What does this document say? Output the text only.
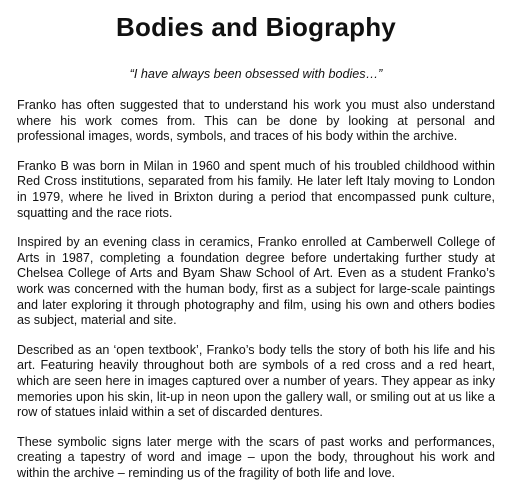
Bodies and Biography

“I have always been obsessed with bodies…”

Franko has often suggested that to understand his work you must also understand where his work comes from. This can be done by looking at personal and professional images, words, symbols, and traces of his body within the archive.

Franko B was born in Milan in 1960 and spent much of his troubled childhood within Red Cross institutions, separated from his family. He later left Italy moving to London in 1979, where he lived in Brixton during a period that encompassed punk culture, squatting and the race riots.

Inspired by an evening class in ceramics, Franko enrolled at Camberwell College of Arts in 1987, completing a foundation degree before undertaking further study at Chelsea College of Arts and Byam Shaw School of Art. Even as a student Franko’s work was concerned with the human body, first as a subject for large-scale paintings and later exploring it through photography and film, using his own and others bodies as subject, material and site.

Described as an ‘open textbook’, Franko’s body tells the story of both his life and his art. Featuring heavily throughout both are symbols of a red cross and a red heart, which are seen here in images captured over a number of years. They appear as inky memories upon his skin, lit-up in neon upon the gallery wall, or smiling out at us like a row of statues inlaid within a set of discarded dentures.

These symbolic signs later merge with the scars of past works and performances, creating a tapestry of word and image – upon the body, throughout his work and within the archive – reminding us of the fragility of both life and love.
